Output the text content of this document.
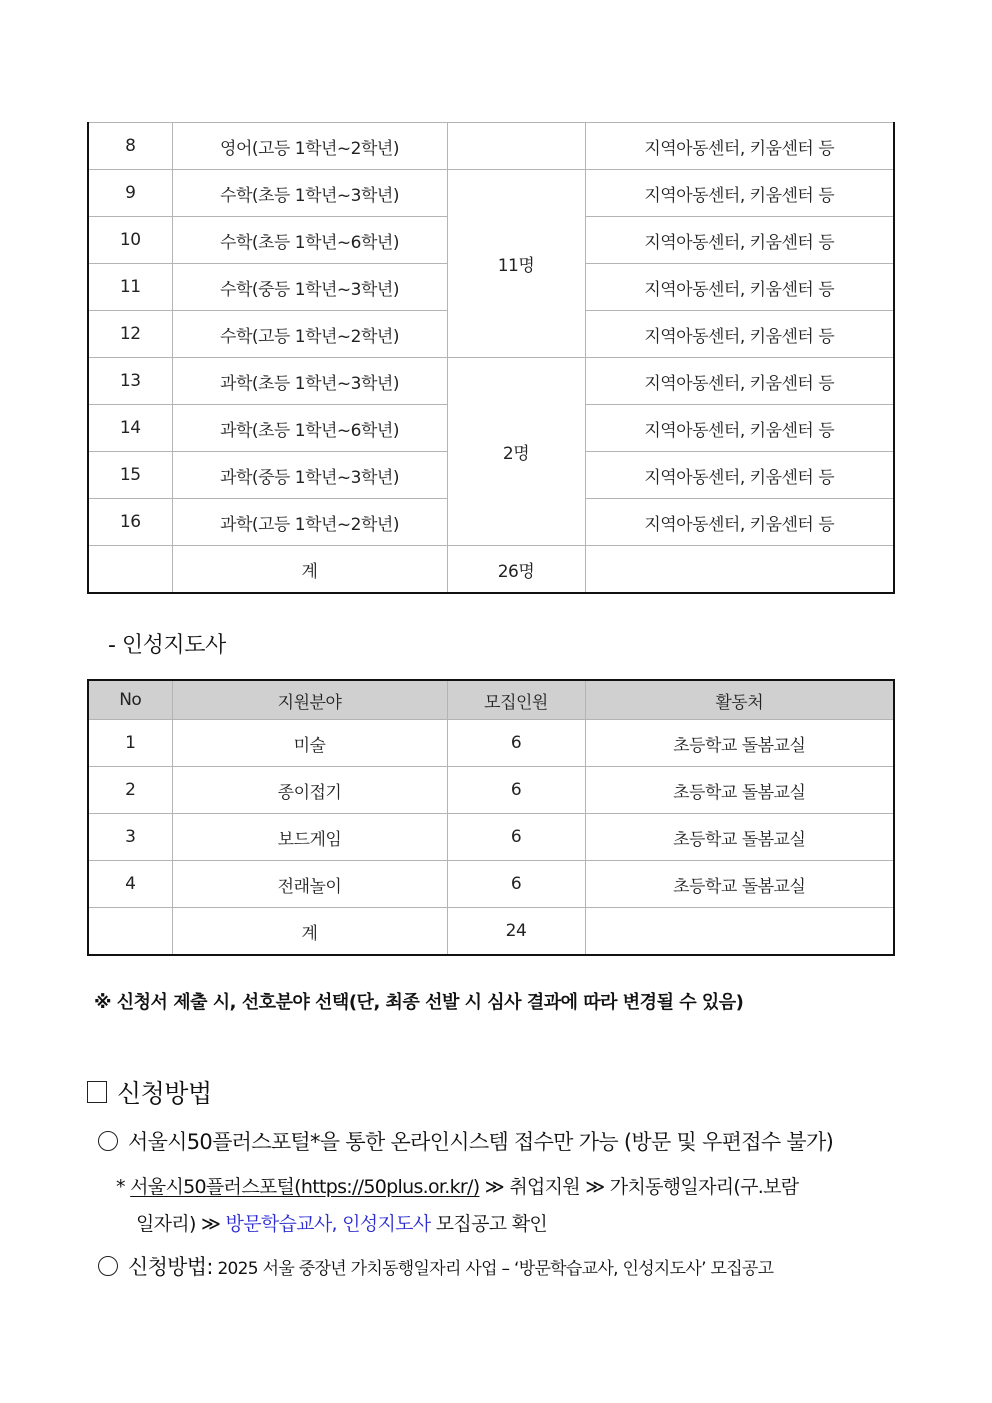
8	영어(고등 1학년~2학년)		지역아동센터, 키움센터 등
9	수학(초등 1학년~3학년)	11명	지역아동센터, 키움센터 등
10	수학(초등 1학년~6학년)		지역아동센터, 키움센터 등
11	수학(중등 1학년~3학년)		지역아동센터, 키움센터 등
12	수학(고등 1학년~2학년)		지역아동센터, 키움센터 등
13	과학(초등 1학년~3학년)	2명	지역아동센터, 키움센터 등
14	과학(초등 1학년~6학년)		지역아동센터, 키움센터 등
15	과학(중등 1학년~3학년)		지역아동센터, 키움센터 등
16	과학(고등 1학년~2학년)		지역아동센터, 키움센터 등
	계	26명	
- 인성지도사
No	지원분야	모집인원	활동처
1	미술	6	초등학교 돌봄교실
2	종이접기	6	초등학교 돌봄교실
3	보드게임	6	초등학교 돌봄교실
4	전래놀이	6	초등학교 돌봄교실
	계	24	
※ 신청서 제출 시, 선호분야 선택(단, 최종 선발 시 심사 결과에 따라 변경될 수 있음)
신청방법
서울시50플러스포털*을 통한 온라인시스템 접수만 가능 (방문 및 우편접수 불가)
* 서울시50플러스포털(https://50plus.or.kr/) ≫ 취업지원 ≫ 가치동행일자리(구.보람
일자리) ≫ 방문학습교사, 인성지도사 모집공고 확인
신청방법: 2025 서울 중장년 가치동행일자리 사업 – ‘방문학습교사, 인성지도사’ 모집공고
